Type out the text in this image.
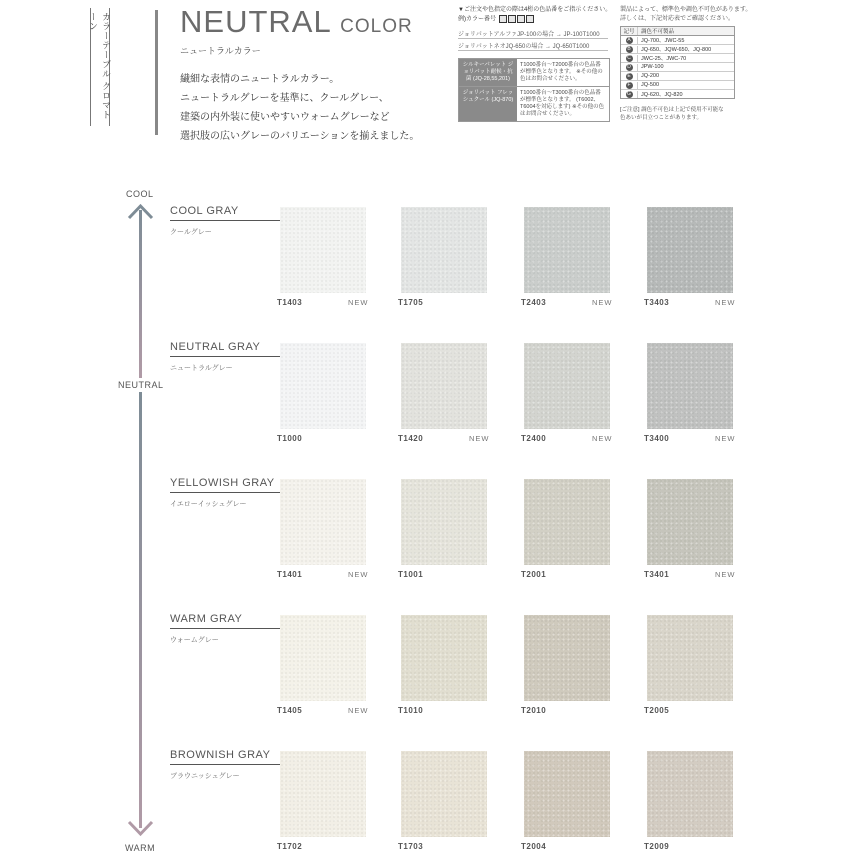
カラーテーブル クロマトーン	NEUTRAL COLOR
ニュートラルカラー
繊細な表情のニュートラルカラー。
ニュートラルグレーを基準に、クールグレー、
建築の内外装に使いやすいウォームグレーなど
選択肢の広いグレーのバリエーションを揃えました。
▼ご注文や色指定の際は4桁の色品番をご指示ください。
例)カラー番号
ジョリパットアルファJP-100の場合 → JP-100T1000
ジョリパットネオJQ-650の場合 → JQ-650T1000
シルキーパレット ジョリパット耐候・抗菌 (JQ-28,55,201)
T1000番台～T2000番台の色品番が標準色となります。 ※その他の色はお問合せください。
ジョリパット フレッシュクール (JQ-870)
T1000番台～T3000番台の色品番が標準色となります。 (T6002、T6004を対応します) ※その他の色はお問合せください。
製品によって、標準色や調色不可色があります。
詳しくは、下記対応表でご確認ください。
記号	調色不可製品
A	JQ-700、JWC-55
B	JQ-650、JQW-650、JQ-800
C	JWC-25、JWC-70
D	JPW-100
E	JQ-200
F	JQ-500
G	JQ-620、JQ-820
[ご注意] 調色不可色は上記で使用不可能な
色あいが目立つことがあります。
COOL
NEUTRAL
WARM
COOL GRAY
クールグレー
T1403	NEW	T1705	T2403	NEW	T3403	NEW
NEUTRAL GRAY
ニュートラルグレー
T1000	T1420	NEW	T2400	NEW	T3400	NEW
YELLOWISH GRAY
イエローイッシュグレー
T1401	NEW	T1001	T2001	T3401	NEW
WARM GRAY
ウォームグレー
T1405	NEW	T1010	T2010	T2005
BROWNISH GRAY
ブラウニッシュグレー
T1702	T1703	T2004	T2009
